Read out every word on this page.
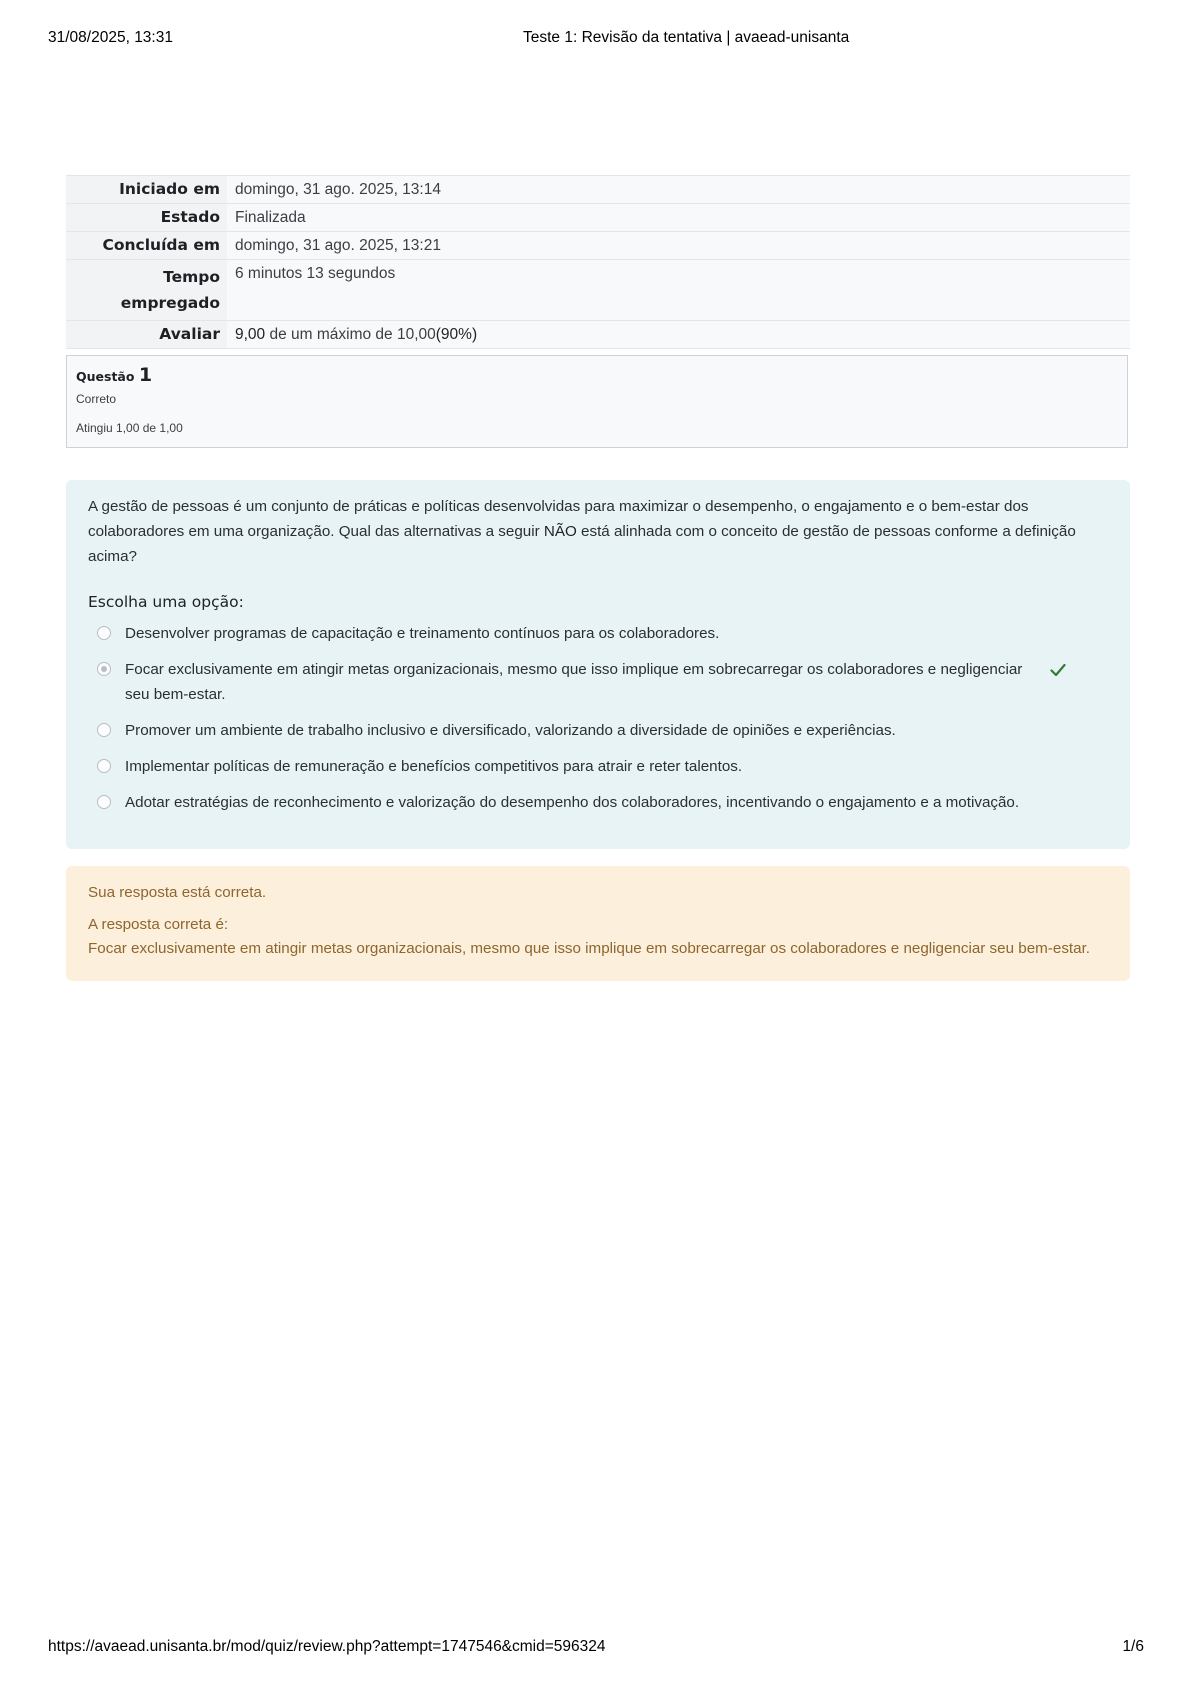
31/08/2025, 13:31	Teste 1: Revisão da tentativa | avaead-unisanta
Iniciado em	domingo, 31 ago. 2025, 13:14
Estado	Finalizada
Concluída em	domingo, 31 ago. 2025, 13:21
Tempo empregado	6 minutos 13 segundos
Avaliar	9,00 de um máximo de 10,00(90%)
Questão 1
Correto
Atingiu 1,00 de 1,00

A gestão de pessoas é um conjunto de práticas e políticas desenvolvidas para maximizar o desempenho, o engajamento e o bem-estar dos colaboradores em uma organização. Qual das alternativas a seguir NÃO está alinhada com o conceito de gestão de pessoas conforme a definição acima?

Escolha uma opção:
Desenvolver programas de capacitação e treinamento contínuos para os colaboradores.
Focar exclusivamente em atingir metas organizacionais, mesmo que isso implique em sobrecarregar os colaboradores e negligenciar seu bem-estar.
Promover um ambiente de trabalho inclusivo e diversificado, valorizando a diversidade de opiniões e experiências.
Implementar políticas de remuneração e benefícios competitivos para atrair e reter talentos.
Adotar estratégias de reconhecimento e valorização do desempenho dos colaboradores, incentivando o engajamento e a motivação.
Sua resposta está correta.
A resposta correta é:
Focar exclusivamente em atingir metas organizacionais, mesmo que isso implique em sobrecarregar os colaboradores e negligenciar seu bem-estar.
https://avaead.unisanta.br/mod/quiz/review.php?attempt=1747546&cmid=596324	1/6
